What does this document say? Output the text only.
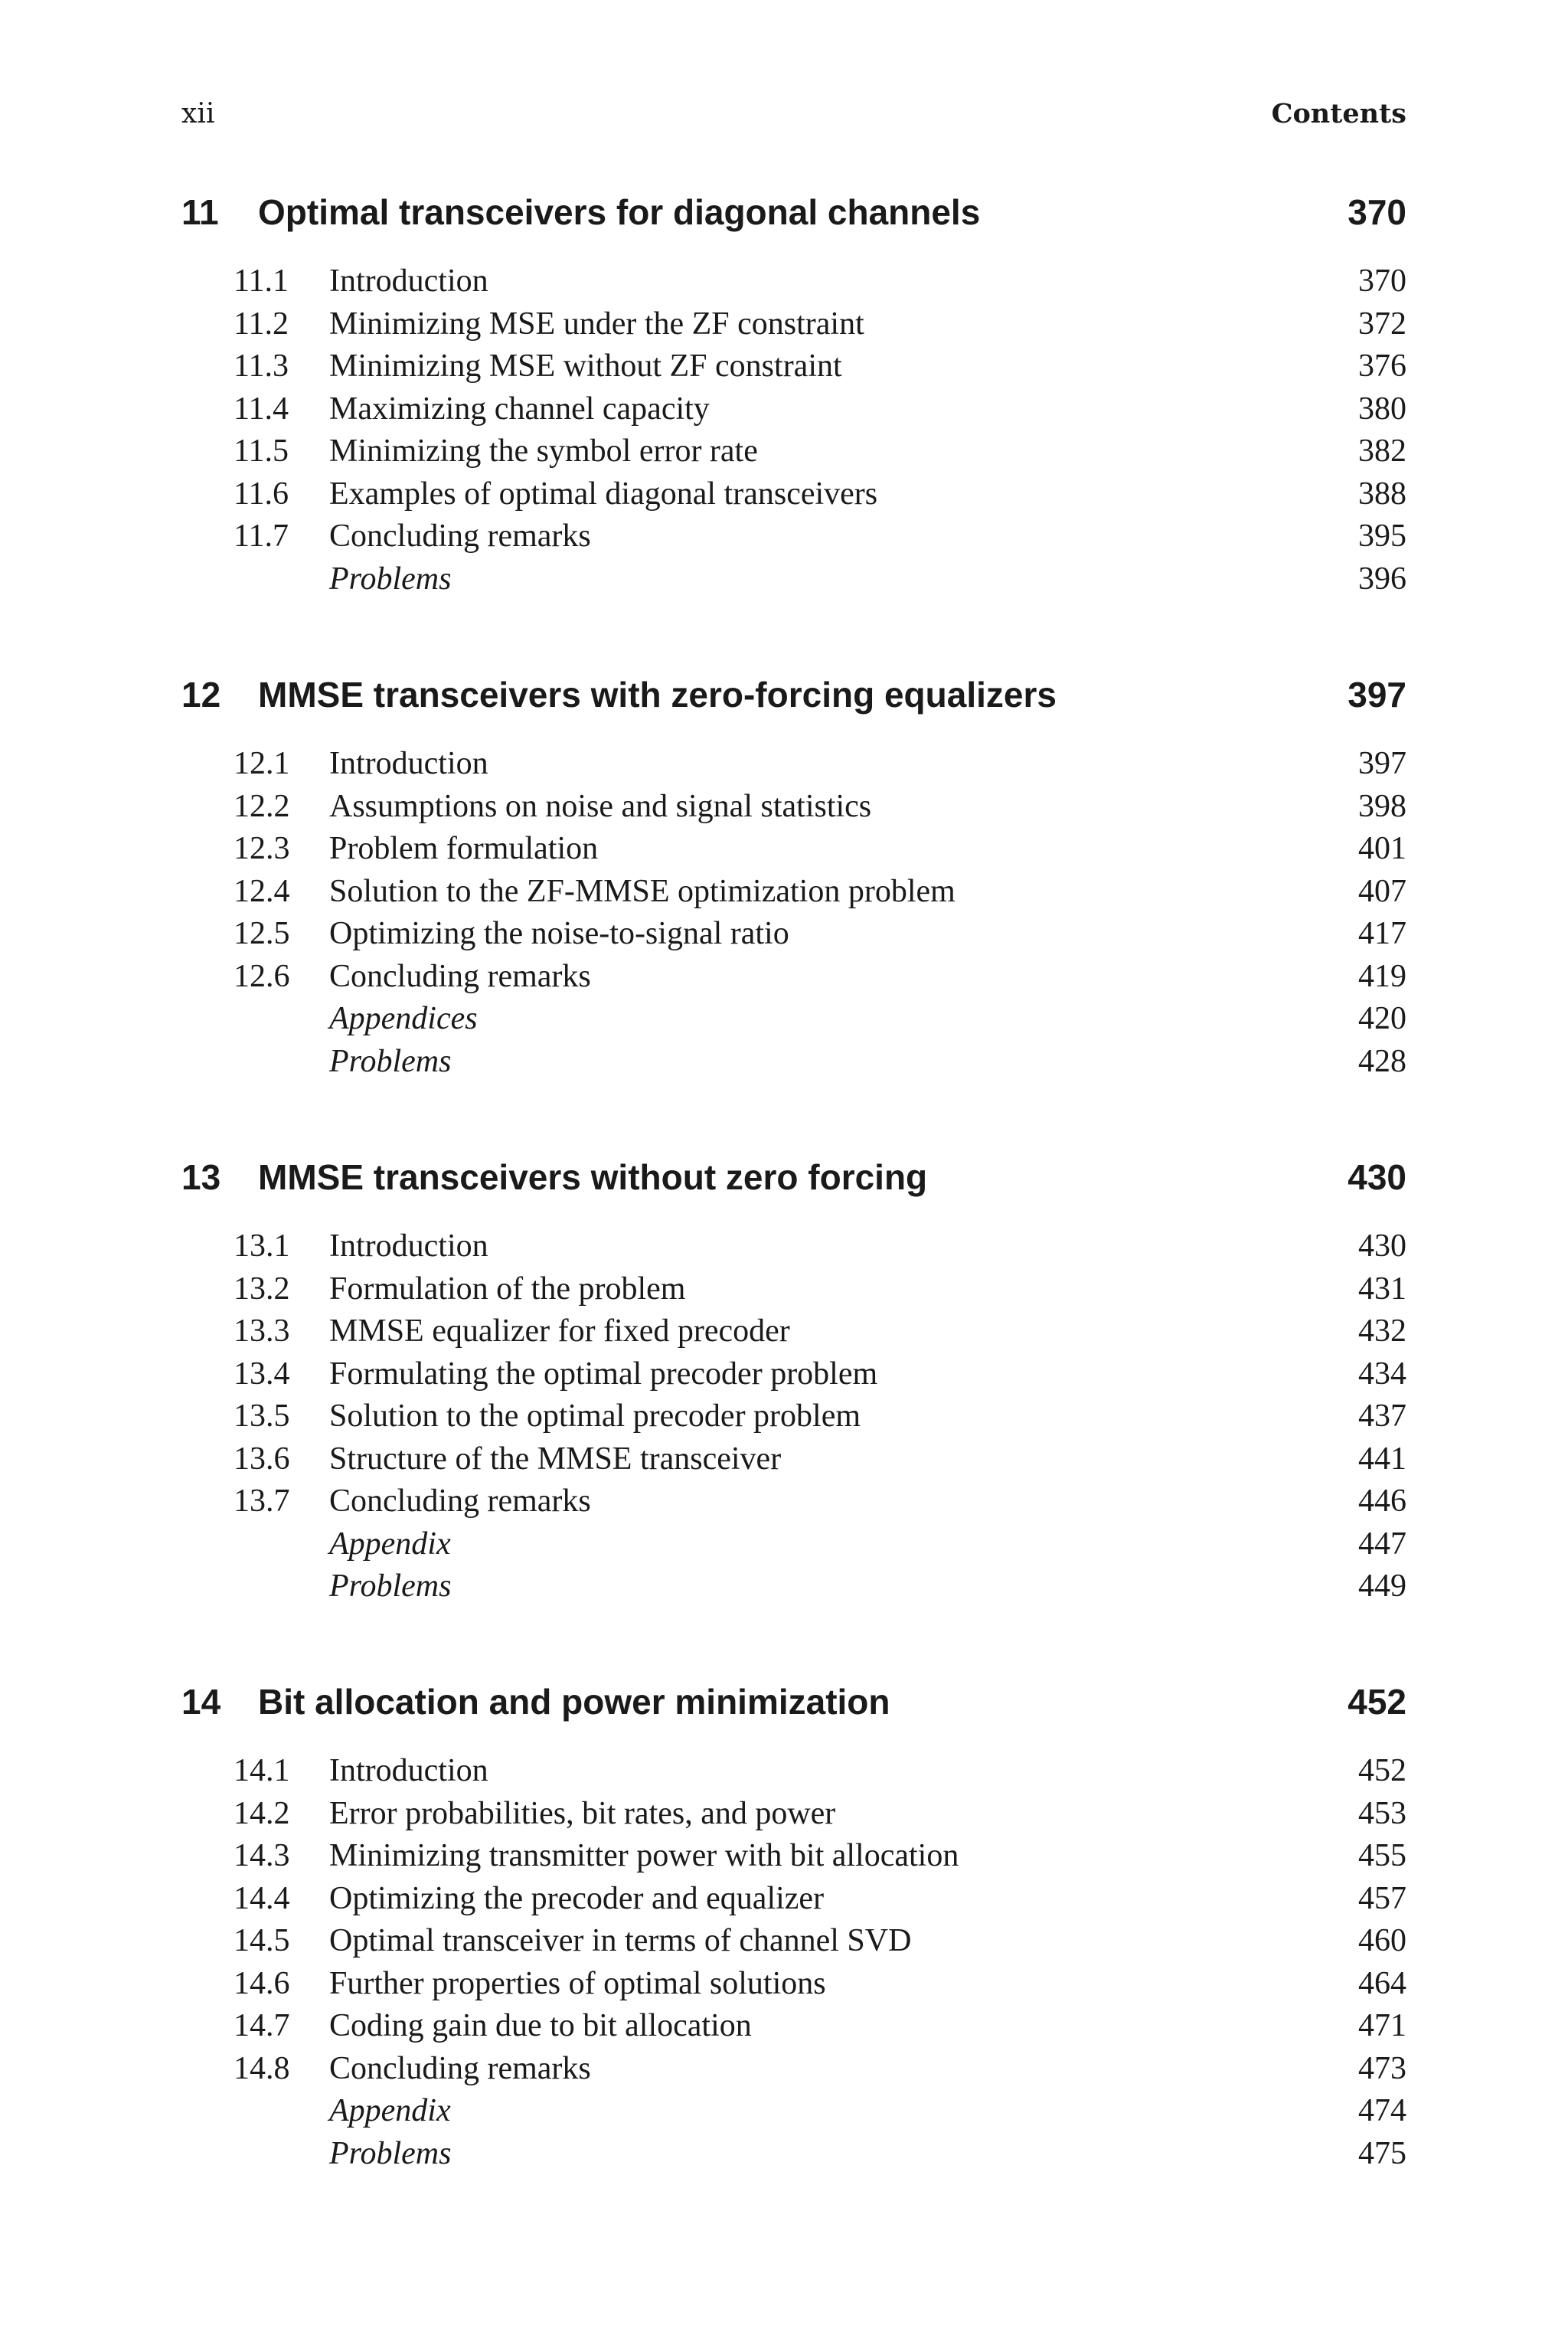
xii	Contents
11 Optimal transceivers for diagonal channels	370
11.1 Introduction	370
11.2 Minimizing MSE under the ZF constraint	372
11.3 Minimizing MSE without ZF constraint	376
11.4 Maximizing channel capacity	380
11.5 Minimizing the symbol error rate	382
11.6 Examples of optimal diagonal transceivers	388
11.7 Concluding remarks	395
Problems	396
12 MMSE transceivers with zero-forcing equalizers	397
12.1 Introduction	397
12.2 Assumptions on noise and signal statistics	398
12.3 Problem formulation	401
12.4 Solution to the ZF-MMSE optimization problem	407
12.5 Optimizing the noise-to-signal ratio	417
12.6 Concluding remarks	419
Appendices	420
Problems	428
13 MMSE transceivers without zero forcing	430
13.1 Introduction	430
13.2 Formulation of the problem	431
13.3 MMSE equalizer for fixed precoder	432
13.4 Formulating the optimal precoder problem	434
13.5 Solution to the optimal precoder problem	437
13.6 Structure of the MMSE transceiver	441
13.7 Concluding remarks	446
Appendix	447
Problems	449
14 Bit allocation and power minimization	452
14.1 Introduction	452
14.2 Error probabilities, bit rates, and power	453
14.3 Minimizing transmitter power with bit allocation	455
14.4 Optimizing the precoder and equalizer	457
14.5 Optimal transceiver in terms of channel SVD	460
14.6 Further properties of optimal solutions	464
14.7 Coding gain due to bit allocation	471
14.8 Concluding remarks	473
Appendix	474
Problems	475
